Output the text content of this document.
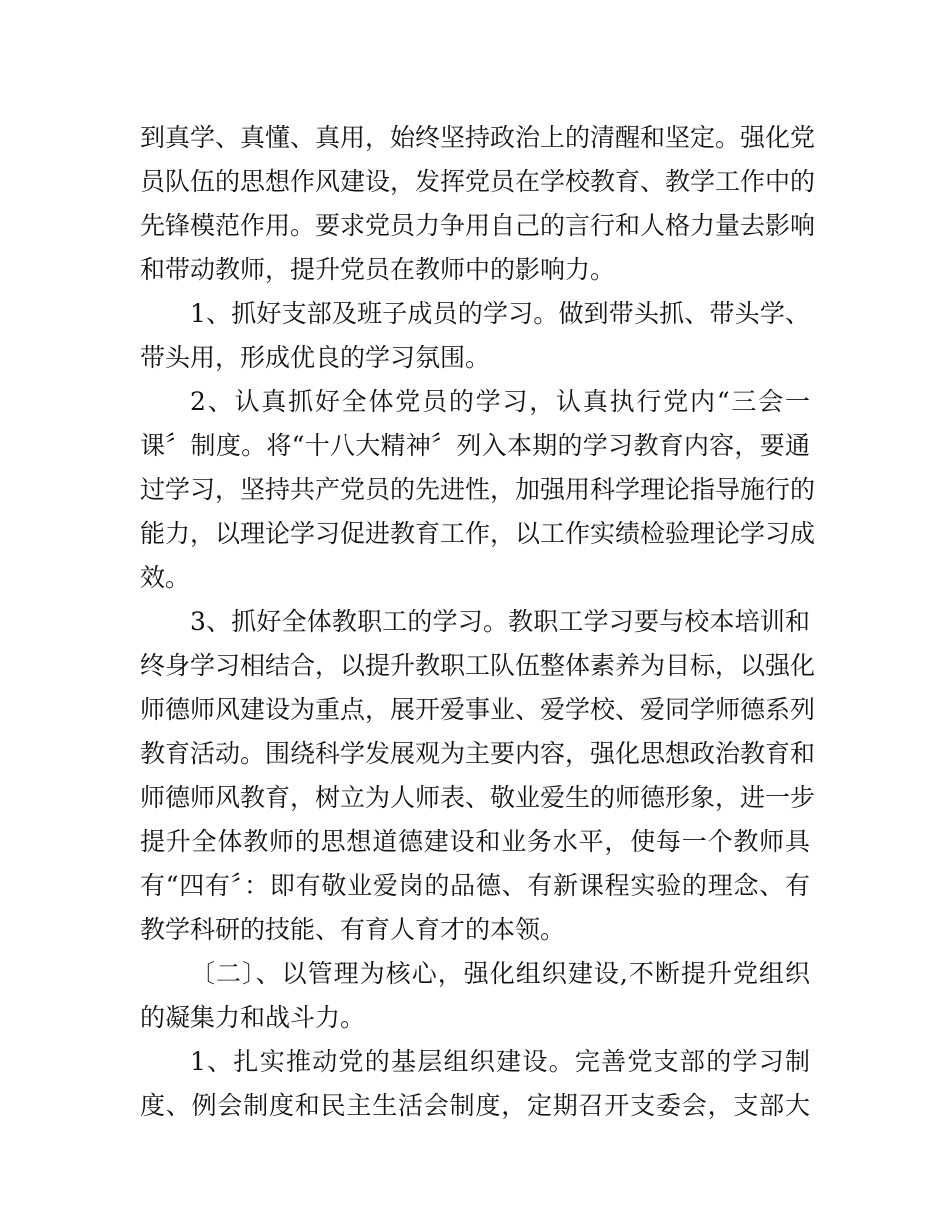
到真学、真懂、真用，始终坚持政治上的清醒和坚定。强化党
员队伍的思想作风建设，发挥党员在学校教育、教学工作中的
先锋模范作用。要求党员力争用自己的言行和人格力量去影响
和带动教师，提升党员在教师中的影响力。
1、抓好支部及班子成员的学习。做到带头抓、带头学、
带头用，形成优良的学习氛围。
2、认真抓好全体党员的学习，认真执行党内“三会一
课〞制度。将“十八大精神〞列入本期的学习教育内容，要通
过学习，坚持共产党员的先进性，加强用科学理论指导施行的
能力，以理论学习促进教育工作，以工作实绩检验理论学习成
效。
3、抓好全体教职工的学习。教职工学习要与校本培训和
终身学习相结合，以提升教职工队伍整体素养为目标，以强化
师德师风建设为重点，展开爱事业、爱学校、爱同学师德系列
教育活动。围绕科学发展观为主要内容，强化思想政治教育和
师德师风教育，树立为人师表、敬业爱生的师德形象，进一步
提升全体教师的思想道德建设和业务水平，使每一个教师具
有“四有〞：即有敬业爱岗的品德、有新课程实验的理念、有
教学科研的技能、有育人育才的本领。
〔二〕、以管理为核心，强化组织建设,不断提升党组织
的凝集力和战斗力。
1、扎实推动党的基层组织建设。完善党支部的学习制
度、例会制度和民主生活会制度，定期召开支委会，支部大
